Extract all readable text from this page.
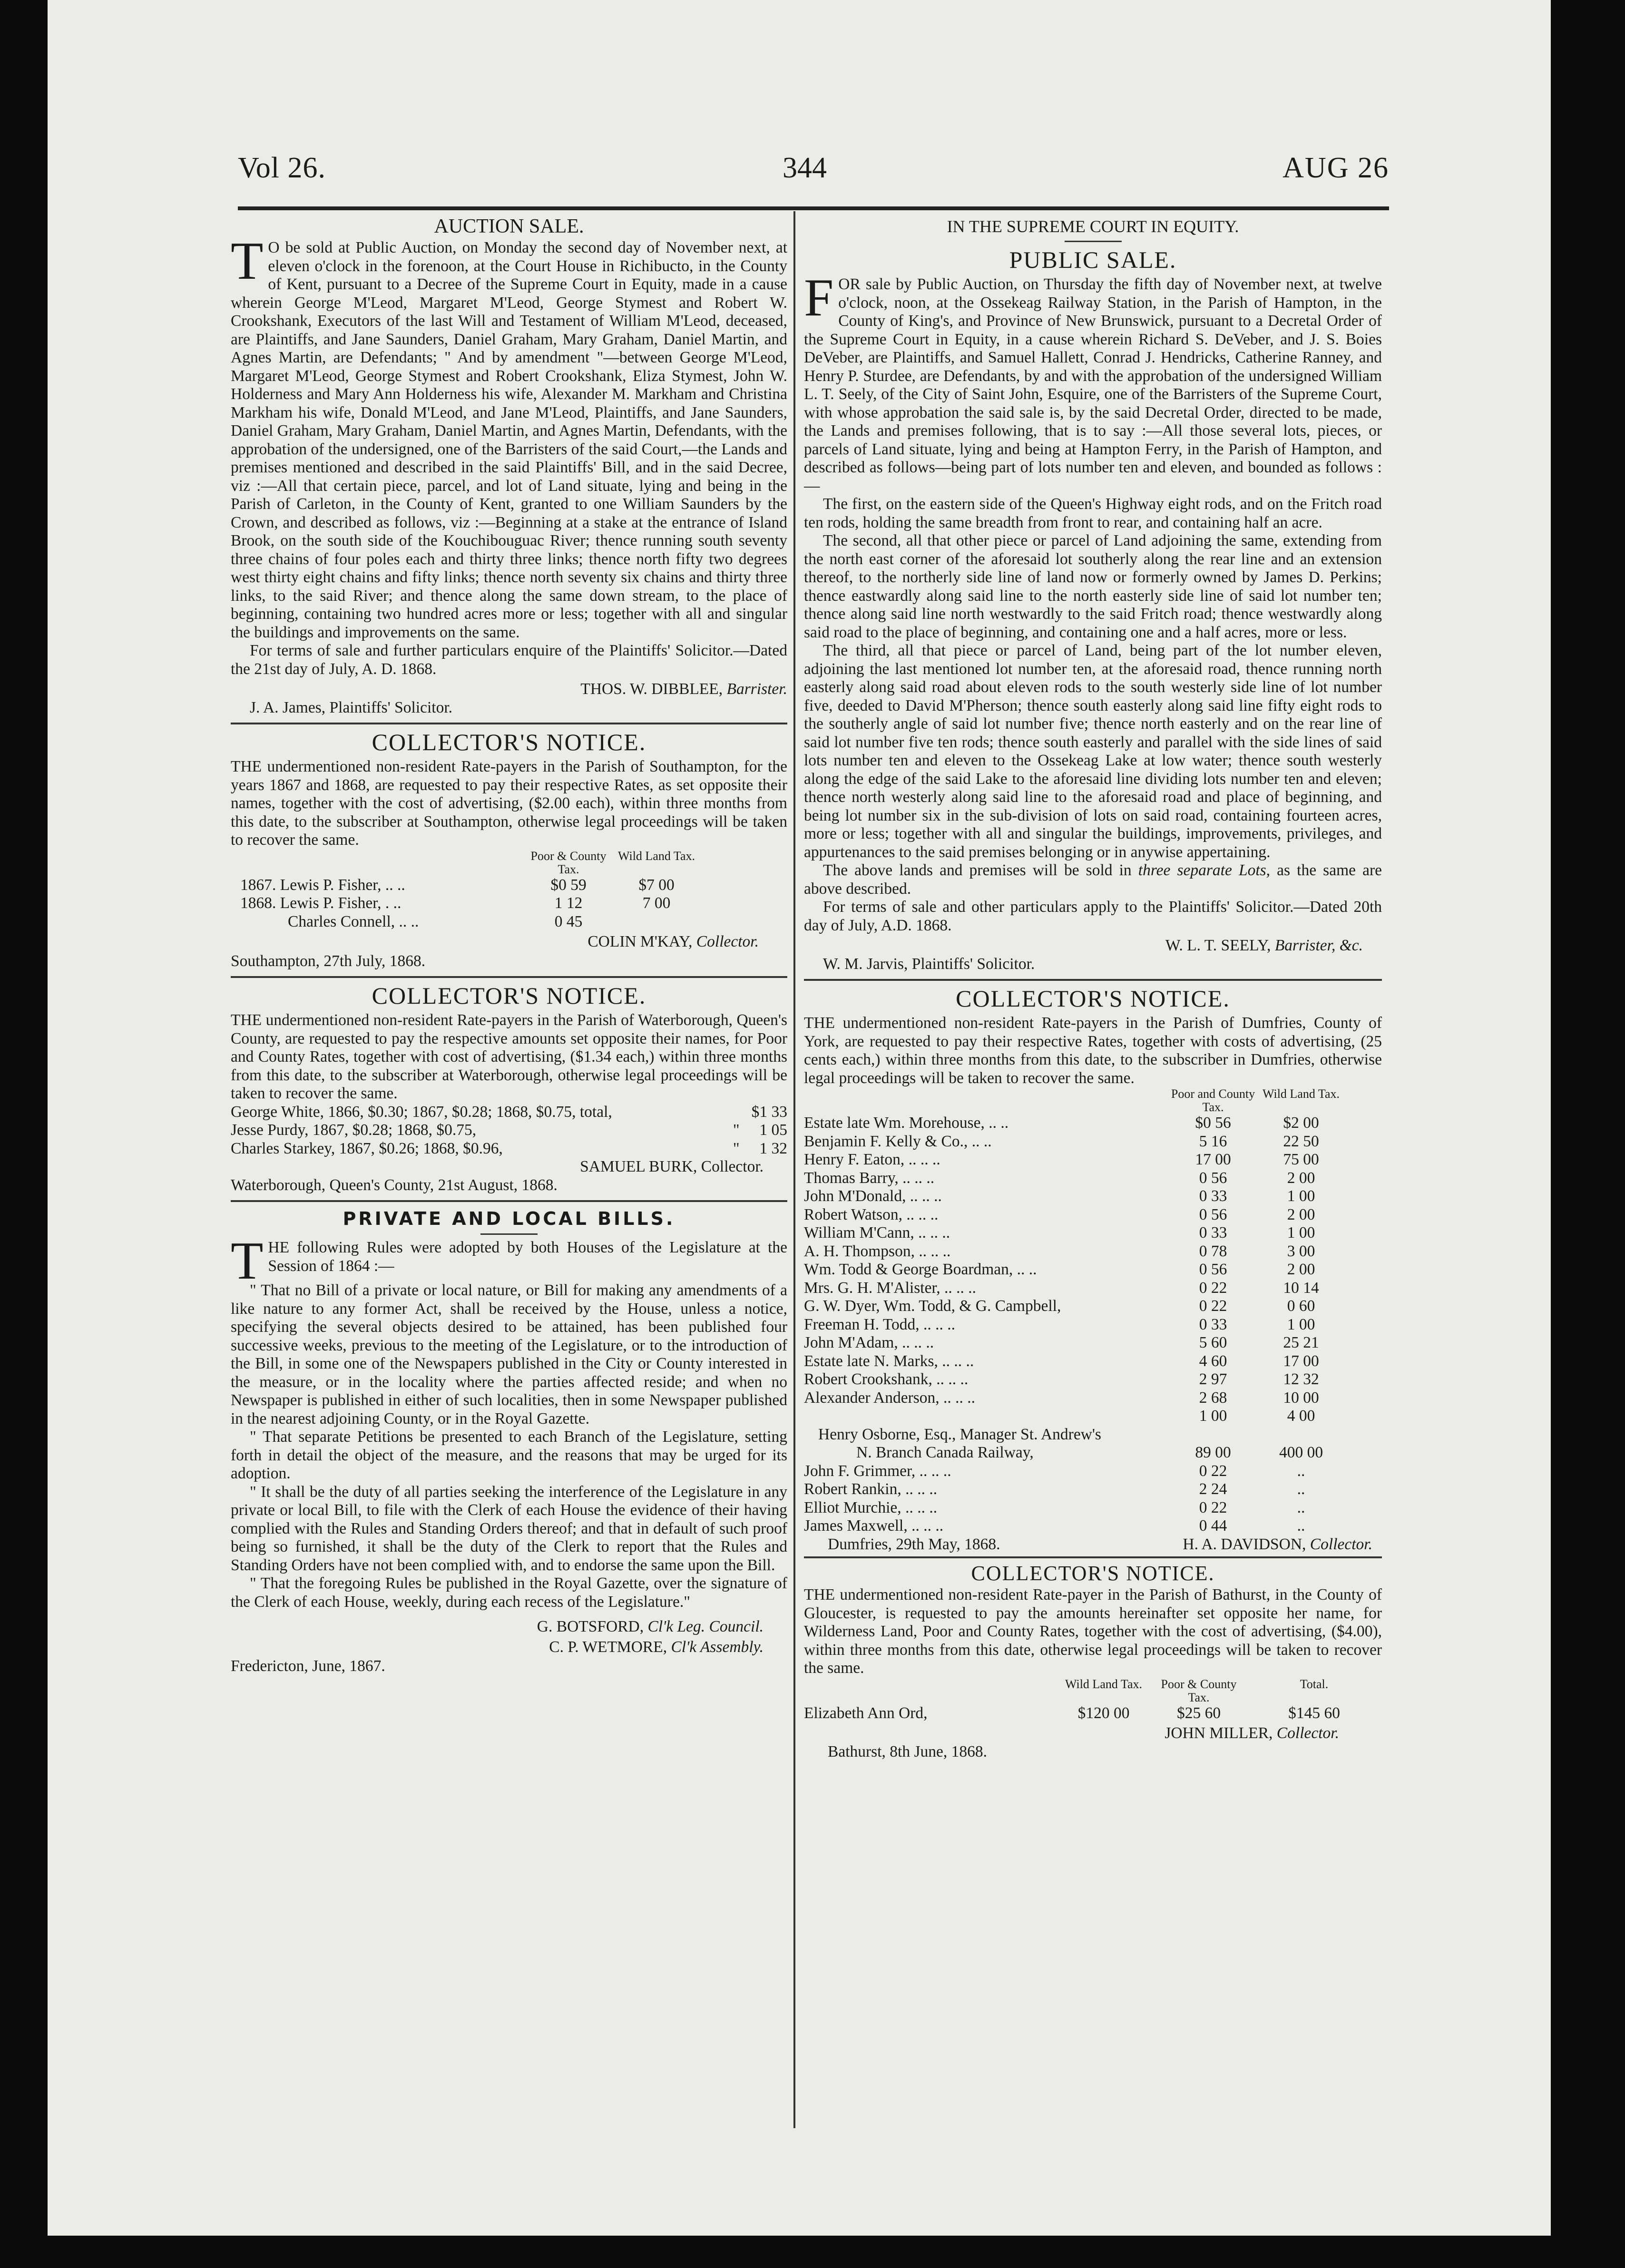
Vol 26.	344	AUG 26
AUCTION SALE.

T O be sold at Public Auction, on Monday the second day of November next, at eleven o'clock in the forenoon, at the Court House in Richibucto, in the County of Kent, pursuant to a Decree of the Supreme Court in Equity, made in a cause wherein George M'Leod, Margaret M'Leod, George Stymest and Robert W. Crookshank, Executors of the last Will and Testament of William M'Leod, deceased, are Plaintiffs, and Jane Saunders, Daniel Graham, Mary Graham, Daniel Martin, and Agnes Martin, are Defendants; " And by amendment "—between George M'Leod, Margaret M'Leod, George Stymest and Robert Crookshank, Eliza Stymest, John W. Holderness and Mary Ann Holderness his wife, Alexander M. Markham and Christina Markham his wife, Donald M'Leod, and Jane M'Leod, Plaintiffs, and Jane Saunders, Daniel Graham, Mary Graham, Daniel Martin, and Agnes Martin, Defendants, with the approbation of the undersigned, one of the Barristers of the said Court,—the Lands and premises mentioned and described in the said Plaintiffs' Bill, and in the said Decree, viz :—All that certain piece, parcel, and lot of Land situate, lying and being in the Parish of Carleton, in the County of Kent, granted to one William Saunders by the Crown, and described as follows, viz :—Beginning at a stake at the entrance of Island Brook, on the south side of the Kouchibouguac River; thence running south seventy three chains of four poles each and thirty three links; thence north fifty two degrees west thirty eight chains and fifty links; thence north seventy six chains and thirty three links, to the said River; and thence along the same down stream, to the place of beginning, containing two hundred acres more or less; together with all and singular the buildings and improvements on the same.

For terms of sale and further particulars enquire of the Plaintiffs' Solicitor.—Dated the 21st day of July, A. D. 1868.

THOS. W. DIBBLEE, Barrister.
J. A. James, Plaintiffs' Solicitor.
COLLECTOR'S NOTICE.

THE undermentioned non-resident Rate-payers in the Parish of Southampton, for the years 1867 and 1868, are requested to pay their respective Rates, as set opposite their names, together with the cost of advertising, ($2.00 each), within three months from this date, to the subscriber at Southampton, otherwise legal proceedings will be taken to recover the same.

	Poor & County Tax.	Wild Land Tax.	
1867. Lewis P. Fisher, .. ..	$0 59	$7 00	
1868. Lewis P. Fisher, . ..	1 12	7 00	
Charles Connell, .. ..	0 45		
COLIN M'KAY, Collector.
Southampton, 27th July, 1868.
COLLECTOR'S NOTICE.

THE undermentioned non-resident Rate-payers in the Parish of Waterborough, Queen's County, are requested to pay the respective amounts set opposite their names, for Poor and County Rates, together with cost of advertising, ($1.34 each,) within three months from this date, to the subscriber at Waterborough, otherwise legal proceedings will be taken to recover the same.

George White, 1866, $0.30; 1867, $0.28; 1868, $0.75, total,	$1 33
Jesse Purdy, 1867, $0.28; 1868, $0.75,	"     1 05
Charles Starkey, 1867, $0.26; 1868, $0.96,	"     1 32
SAMUEL BURK, Collector.
Waterborough, Queen's County, 21st August, 1868.
PRIVATE AND LOCAL BILLS.

THE following Rules were adopted by both Houses of the Legislature at the Session of 1864 :—

" That no Bill of a private or local nature, or Bill for making any amendments of a like nature to any former Act, shall be received by the House, unless a notice, specifying the several objects desired to be attained, has been published four successive weeks, previous to the meeting of the Legislature, or to the introduction of the Bill, in some one of the Newspapers published in the City or County interested in the measure, or in the locality where the parties affected reside; and when no Newspaper is published in either of such localities, then in some Newspaper published in the nearest adjoining County, or in the Royal Gazette.

" That separate Petitions be presented to each Branch of the Legislature, setting forth in detail the object of the measure, and the reasons that may be urged for its adoption.

" It shall be the duty of all parties seeking the interference of the Legislature in any private or local Bill, to file with the Clerk of each House the evidence of their having complied with the Rules and Standing Orders thereof; and that in default of such proof being so furnished, it shall be the duty of the Clerk to report that the Rules and Standing Orders have not been complied with, and to endorse the same upon the Bill.

" That the foregoing Rules be published in the Royal Gazette, over the signature of the Clerk of each House, weekly, during each recess of the Legislature."

G. BOTSFORD, Cl'k Leg. Council.
C. P. WETMORE, Cl'k Assembly.
Fredericton, June, 1867.
IN THE SUPREME COURT IN EQUITY.
PUBLIC SALE.

FOR sale by Public Auction, on Thursday the fifth day of November next, at twelve o'clock, noon, at the Ossekeag Railway Station, in the Parish of Hampton, in the County of King's, and Province of New Brunswick, pursuant to a Decretal Order of the Supreme Court in Equity, in a cause wherein Richard S. DeVeber, and J. S. Boies DeVeber, are Plaintiffs, and Samuel Hallett, Conrad J. Hendricks, Catherine Ranney, and Henry P. Sturdee, are Defendants, by and with the approbation of the undersigned William L. T. Seely, of the City of Saint John, Esquire, one of the Barristers of the Supreme Court, with whose approbation the said sale is, by the said Decretal Order, directed to be made, the Lands and premises following, that is to say :—All those several lots, pieces, or parcels of Land situate, lying and being at Hampton Ferry, in the Parish of Hampton, and described as follows—being part of lots number ten and eleven, and bounded as follows :—

The first, on the eastern side of the Queen's Highway eight rods, and on the Fritch road ten rods, holding the same breadth from front to rear, and containing half an acre.

The second, all that other piece or parcel of Land adjoining the same, extending from the north east corner of the aforesaid lot southerly along the rear line and an extension thereof, to the northerly side line of land now or formerly owned by James D. Perkins; thence eastwardly along said line to the north easterly side line of said lot number ten; thence along said line north westwardly to the said Fritch road; thence westwardly along said road to the place of beginning, and containing one and a half acres, more or less.

The third, all that piece or parcel of Land, being part of the lot number eleven, adjoining the last mentioned lot number ten, at the aforesaid road, thence running north easterly along said road about eleven rods to the south westerly side line of lot number five, deeded to David M'Pherson; thence south easterly along said line fifty eight rods to the southerly angle of said lot number five; thence north easterly and on the rear line of said lot number five ten rods; thence south easterly and parallel with the side lines of said lots number ten and eleven to the Ossekeag Lake at low water; thence south westerly along the edge of the said Lake to the aforesaid line dividing lots number ten and eleven; thence north westerly along said line to the aforesaid road and place of beginning, and being lot number six in the sub-division of lots on said road, containing fourteen acres, more or less; together with all and singular the buildings, improvements, privileges, and appurtenances to the said premises belonging or in anywise appertaining.

The above lands and premises will be sold in three separate Lots, as the same are above described.

For terms of sale and other particulars apply to the Plaintiffs' Solicitor.—Dated 20th day of July, A.D. 1868.

W. L. T. SEELY, Barrister, &c.
W. M. Jarvis, Plaintiffs' Solicitor.
COLLECTOR'S NOTICE.

THE undermentioned non-resident Rate-payers in the Parish of Dumfries, County of York, are requested to pay their respective Rates, together with costs of advertising, (25 cents each,) within three months from this date, to the subscriber in Dumfries, otherwise legal proceedings will be taken to recover the same.

	Poor and County Tax.	Wild Land Tax.	
Estate late Wm. Morehouse, .. ..	$0 56	$2 00	
Benjamin F. Kelly & Co., .. ..	5 16	22 50	
Henry F. Eaton, .. .. ..	17 00	75 00	
Thomas Barry, .. .. ..	0 56	2 00	
John M'Donald, .. .. ..	0 33	1 00	
Robert Watson, .. .. ..	0 56	2 00	
William M'Cann, .. .. ..	0 33	1 00	
A. H. Thompson, .. .. ..	0 78	3 00	
Wm. Todd & George Boardman, .. ..	0 56	2 00	
Mrs. G. H. M'Alister, .. .. ..	0 22	10 14	
G. W. Dyer, Wm. Todd, & G. Campbell,	0 22	0 60	
Freeman H. Todd, .. .. ..	0 33	1 00	
John M'Adam, .. .. ..	5 60	25 21	
Estate late N. Marks, .. .. ..	4 60	17 00	
Robert Crookshank, .. .. ..	2 97	12 32	
Alexander Anderson, .. .. ..	2 68	10 00	
	1 00	4 00	
Henry Osborne, Esq., Manager St. Andrew's			
N. Branch Canada Railway,	89 00	400 00	
John F. Grimmer, .. .. ..	0 22	..	
Robert Rankin, .. .. ..	2 24	..	
Elliot Murchie, .. .. ..	0 22	..	
James Maxwell, .. .. ..	0 44	..	
Dumfries, 29th May, 1868.	H. A. DAVIDSON, Collector.
COLLECTOR'S NOTICE.

THE undermentioned non-resident Rate-payer in the Parish of Bathurst, in the County of Gloucester, is requested to pay the amounts hereinafter set opposite her name, for Wilderness Land, Poor and County Rates, together with the cost of advertising, ($4.00), within three months from this date, otherwise legal proceedings will be taken to recover the same.

	Wild Land Tax.	Poor & County Tax.	Total.
Elizabeth Ann Ord,	$120 00	$25 60	$145 60
JOHN MILLER, Collector.
Bathurst, 8th June, 1868.
